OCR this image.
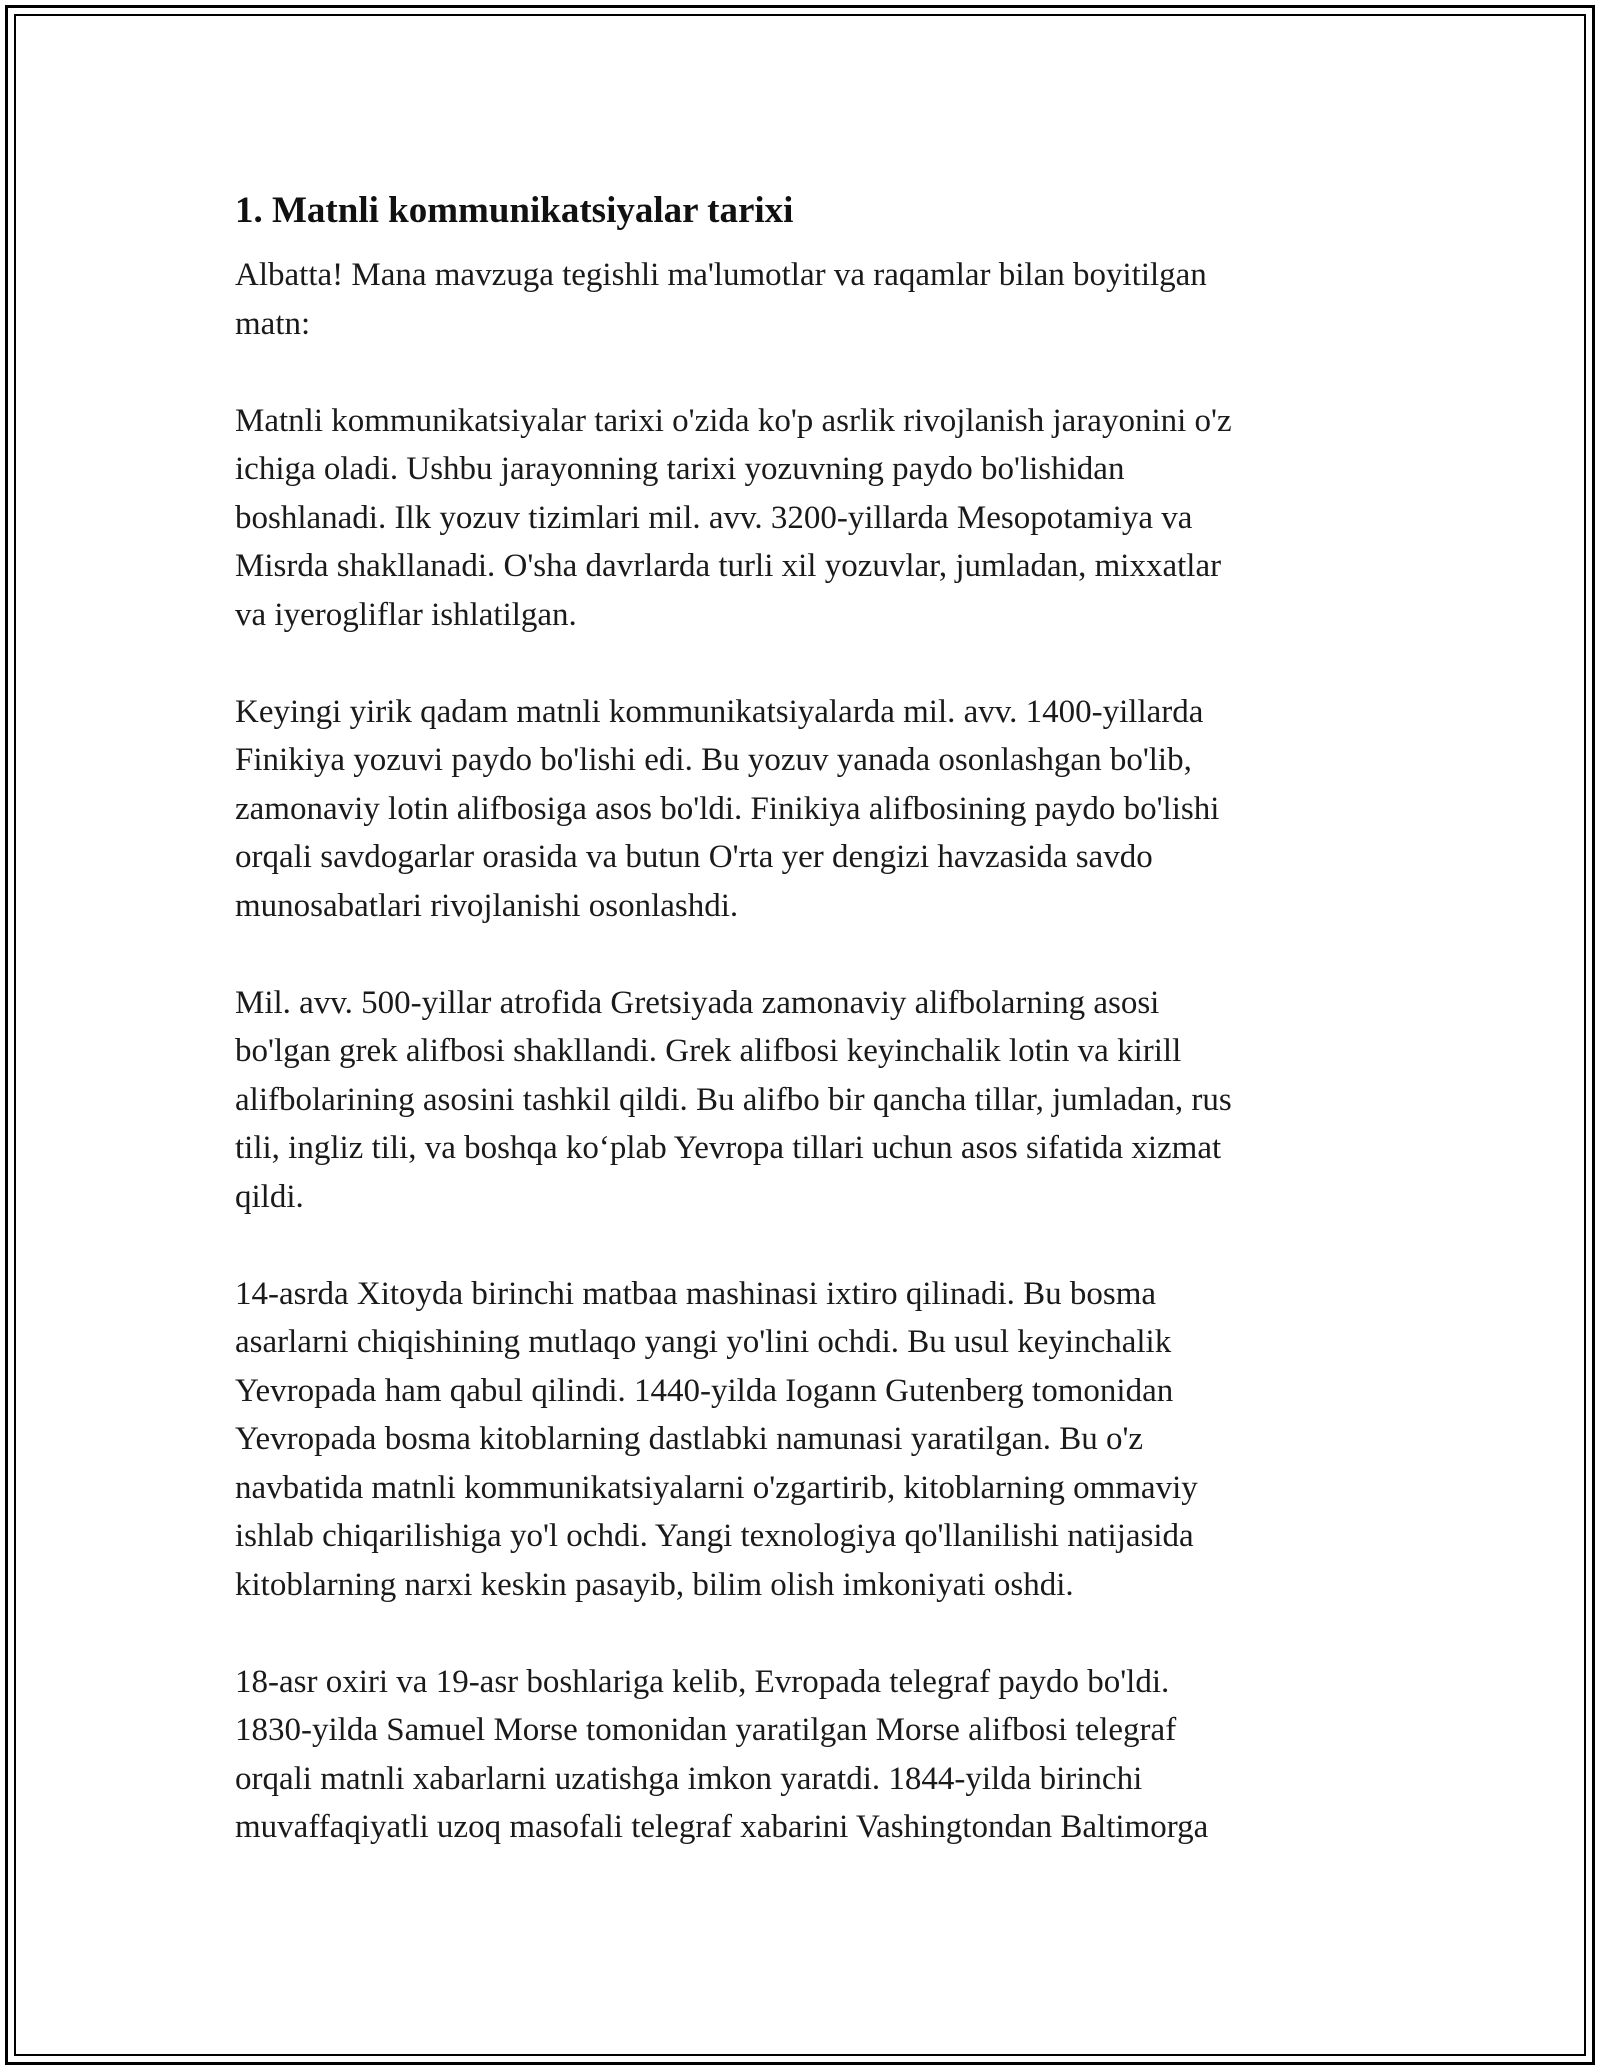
1. Matnli kommunikatsiyalar tarixi

Albatta! Mana mavzuga tegishli ma'lumotlar va raqamlar bilan boyitilgan
matn:

Matnli kommunikatsiyalar tarixi o'zida ko'p asrlik rivojlanish jarayonini o'z
ichiga oladi. Ushbu jarayonning tarixi yozuvning paydo bo'lishidan
boshlanadi. Ilk yozuv tizimlari mil. avv. 3200-yillarda Mesopotamiya va
Misrda shakllanadi. O'sha davrlarda turli xil yozuvlar, jumladan, mixxatlar
va iyerogliflar ishlatilgan.

Keyingi yirik qadam matnli kommunikatsiyalarda mil. avv. 1400-yillarda
Finikiya yozuvi paydo bo'lishi edi. Bu yozuv yanada osonlashgan bo'lib,
zamonaviy lotin alifbosiga asos bo'ldi. Finikiya alifbosining paydo bo'lishi
orqali savdogarlar orasida va butun O'rta yer dengizi havzasida savdo
munosabatlari rivojlanishi osonlashdi.

Mil. avv. 500-yillar atrofida Gretsiyada zamonaviy alifbolarning asosi
bo'lgan grek alifbosi shakllandi. Grek alifbosi keyinchalik lotin va kirill
alifbolarining asosini tashkil qildi. Bu alifbo bir qancha tillar, jumladan, rus
tili, ingliz tili, va boshqa ko‘plab Yevropa tillari uchun asos sifatida xizmat
qildi.

14-asrda Xitoyda birinchi matbaa mashinasi ixtiro qilinadi. Bu bosma
asarlarni chiqishining mutlaqo yangi yo'lini ochdi. Bu usul keyinchalik
Yevropada ham qabul qilindi. 1440-yilda Iogann Gutenberg tomonidan
Yevropada bosma kitoblarning dastlabki namunasi yaratilgan. Bu o'z
navbatida matnli kommunikatsiyalarni o'zgartirib, kitoblarning ommaviy
ishlab chiqarilishiga yo'l ochdi. Yangi texnologiya qo'llanilishi natijasida
kitoblarning narxi keskin pasayib, bilim olish imkoniyati oshdi.

18-asr oxiri va 19-asr boshlariga kelib, Evropada telegraf paydo bo'ldi.
1830-yilda Samuel Morse tomonidan yaratilgan Morse alifbosi telegraf
orqali matnli xabarlarni uzatishga imkon yaratdi. 1844-yilda birinchi
muvaffaqiyatli uzoq masofali telegraf xabarini Vashingtondan Baltimorga
